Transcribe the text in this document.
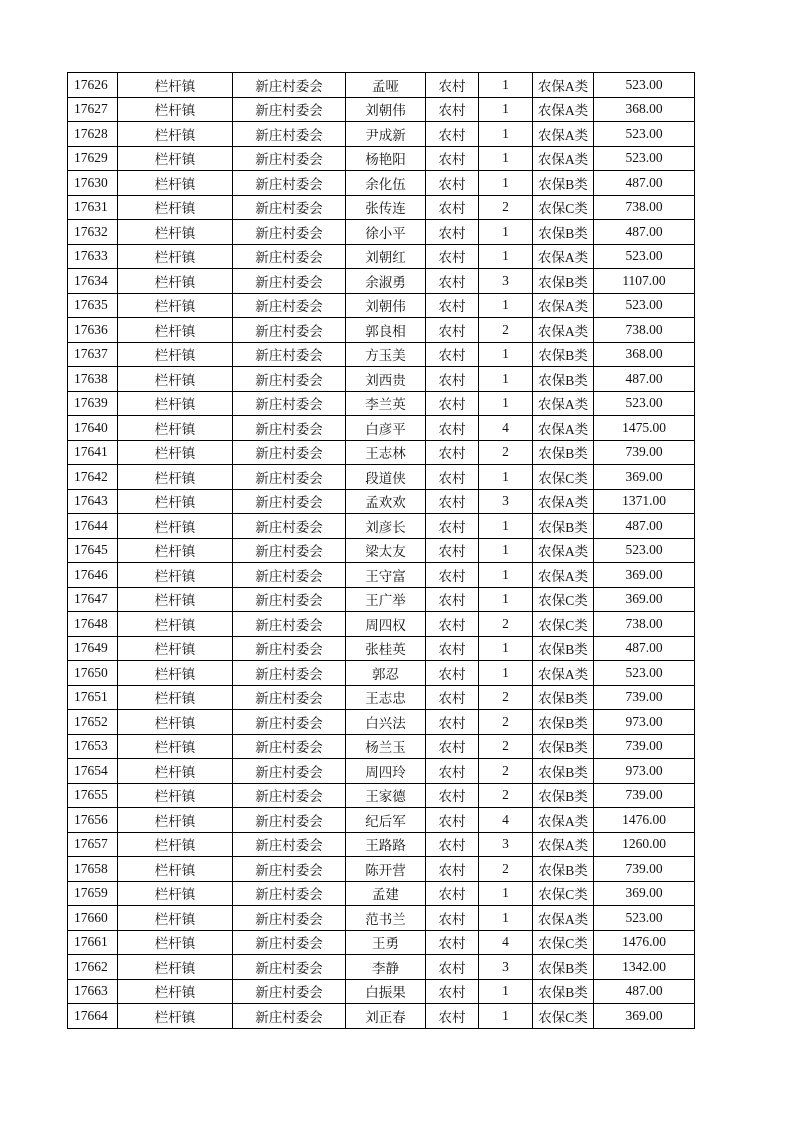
17626	栏杆镇	新庄村委会	孟哑	农村	1	农保A类	523.00
17627	栏杆镇	新庄村委会	刘朝伟	农村	1	农保A类	368.00
17628	栏杆镇	新庄村委会	尹成新	农村	1	农保A类	523.00
17629	栏杆镇	新庄村委会	杨艳阳	农村	1	农保A类	523.00
17630	栏杆镇	新庄村委会	余化伍	农村	1	农保B类	487.00
17631	栏杆镇	新庄村委会	张传连	农村	2	农保C类	738.00
17632	栏杆镇	新庄村委会	徐小平	农村	1	农保B类	487.00
17633	栏杆镇	新庄村委会	刘朝红	农村	1	农保A类	523.00
17634	栏杆镇	新庄村委会	余淑勇	农村	3	农保B类	1107.00
17635	栏杆镇	新庄村委会	刘朝伟	农村	1	农保A类	523.00
17636	栏杆镇	新庄村委会	郭良相	农村	2	农保A类	738.00
17637	栏杆镇	新庄村委会	方玉美	农村	1	农保B类	368.00
17638	栏杆镇	新庄村委会	刘西贵	农村	1	农保B类	487.00
17639	栏杆镇	新庄村委会	李兰英	农村	1	农保A类	523.00
17640	栏杆镇	新庄村委会	白彦平	农村	4	农保A类	1475.00
17641	栏杆镇	新庄村委会	王志林	农村	2	农保B类	739.00
17642	栏杆镇	新庄村委会	段道侠	农村	1	农保C类	369.00
17643	栏杆镇	新庄村委会	孟欢欢	农村	3	农保A类	1371.00
17644	栏杆镇	新庄村委会	刘彦长	农村	1	农保B类	487.00
17645	栏杆镇	新庄村委会	梁太友	农村	1	农保A类	523.00
17646	栏杆镇	新庄村委会	王守富	农村	1	农保A类	369.00
17647	栏杆镇	新庄村委会	王广举	农村	1	农保C类	369.00
17648	栏杆镇	新庄村委会	周四权	农村	2	农保C类	738.00
17649	栏杆镇	新庄村委会	张桂英	农村	1	农保B类	487.00
17650	栏杆镇	新庄村委会	郭忍	农村	1	农保A类	523.00
17651	栏杆镇	新庄村委会	王志忠	农村	2	农保B类	739.00
17652	栏杆镇	新庄村委会	白兴法	农村	2	农保B类	973.00
17653	栏杆镇	新庄村委会	杨兰玉	农村	2	农保B类	739.00
17654	栏杆镇	新庄村委会	周四玲	农村	2	农保B类	973.00
17655	栏杆镇	新庄村委会	王家德	农村	2	农保B类	739.00
17656	栏杆镇	新庄村委会	纪后军	农村	4	农保A类	1476.00
17657	栏杆镇	新庄村委会	王路路	农村	3	农保A类	1260.00
17658	栏杆镇	新庄村委会	陈开营	农村	2	农保B类	739.00
17659	栏杆镇	新庄村委会	孟建	农村	1	农保C类	369.00
17660	栏杆镇	新庄村委会	范书兰	农村	1	农保A类	523.00
17661	栏杆镇	新庄村委会	王勇	农村	4	农保C类	1476.00
17662	栏杆镇	新庄村委会	李静	农村	3	农保B类	1342.00
17663	栏杆镇	新庄村委会	白振果	农村	1	农保B类	487.00
17664	栏杆镇	新庄村委会	刘正春	农村	1	农保C类	369.00
